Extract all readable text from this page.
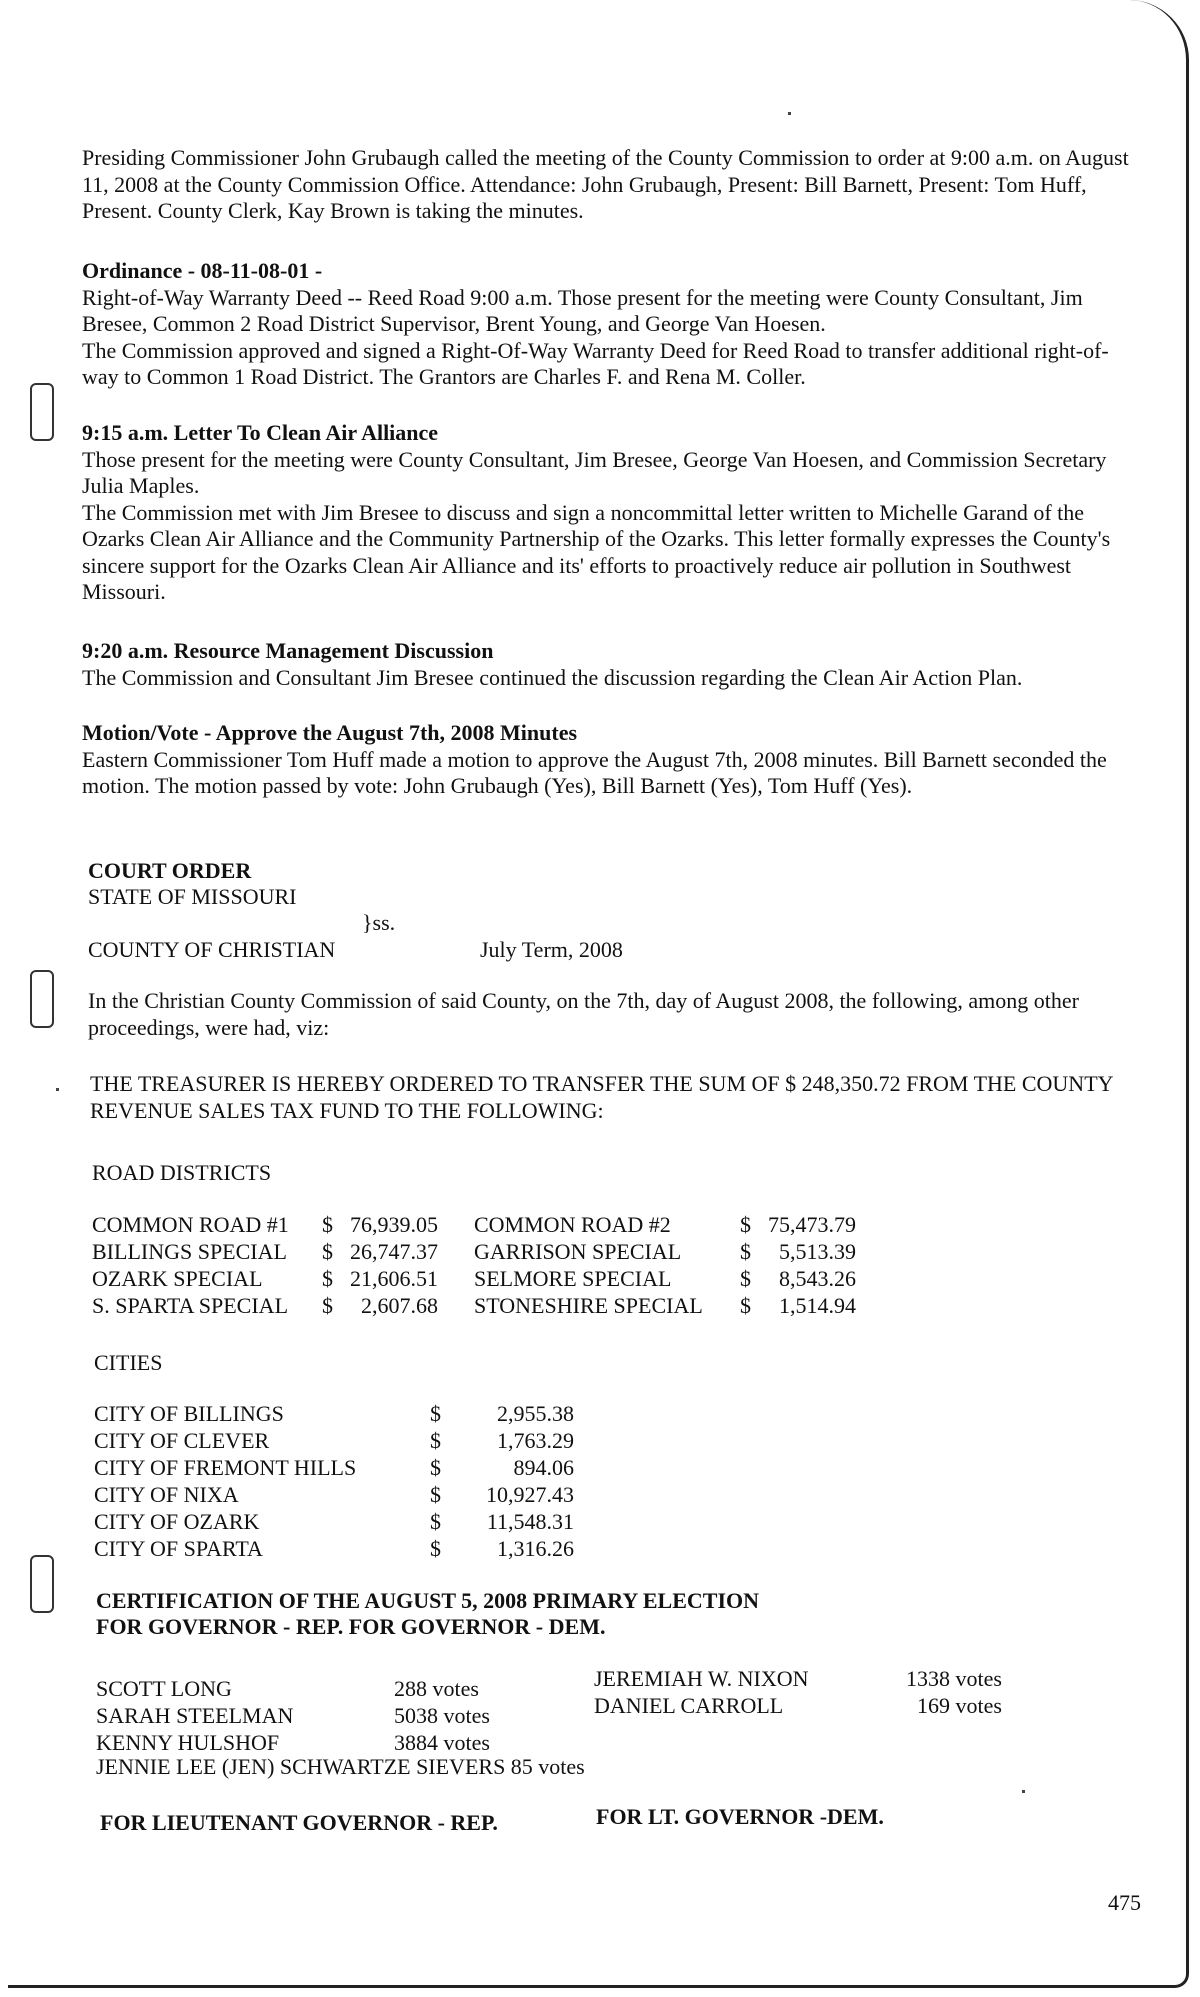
Presiding Commissioner John Grubaugh called the meeting of the County Commission to order at 9:00 a.m. on August 11, 2008 at the County Commission Office. Attendance: John Grubaugh, Present: Bill Barnett, Present: Tom Huff, Present. County Clerk, Kay Brown is taking the minutes.

Ordinance - 08-11-08-01 -

Right-of-Way Warranty Deed -- Reed Road 9:00 a.m. Those present for the meeting were County Consultant, Jim Bresee, Common 2 Road District Supervisor, Brent Young, and George Van Hoesen.

The Commission approved and signed a Right-Of-Way Warranty Deed for Reed Road to transfer additional right-of-way to Common 1 Road District. The Grantors are Charles F. and Rena M. Coller.

9:15 a.m. Letter To Clean Air Alliance

Those present for the meeting were County Consultant, Jim Bresee, George Van Hoesen, and Commission Secretary Julia Maples.

The Commission met with Jim Bresee to discuss and sign a noncommittal letter written to Michelle Garand of the Ozarks Clean Air Alliance and the Community Partnership of the Ozarks. This letter formally expresses the County's sincere support for the Ozarks Clean Air Alliance and its' efforts to proactively reduce air pollution in Southwest Missouri.

9:20 a.m. Resource Management Discussion

The Commission and Consultant Jim Bresee continued the discussion regarding the Clean Air Action Plan.

Motion/Vote - Approve the August 7th, 2008 Minutes

Eastern Commissioner Tom Huff made a motion to approve the August 7th, 2008 minutes. Bill Barnett seconded the motion. The motion passed by vote: John Grubaugh (Yes), Bill Barnett (Yes), Tom Huff (Yes).

COURT ORDER
STATE OF MISSOURI
}ss.
COUNTY OF CHRISTIAN	July Term, 2008

In the Christian County Commission of said County, on the 7th, day of August 2008, the following, among other proceedings, were had, viz:

THE TREASURER IS HEREBY ORDERED TO TRANSFER THE SUM OF $ 248,350.72 FROM THE COUNTY REVENUE SALES TAX FUND TO THE FOLLOWING:

ROAD DISTRICTS
COMMON ROAD #1	$	76,939.05		COMMON ROAD #2	$	75,473.79
BILLINGS SPECIAL	$	26,747.37		GARRISON SPECIAL	$	5,513.39
OZARK SPECIAL	$	21,606.51		SELMORE SPECIAL	$	8,543.26
S. SPARTA SPECIAL	$	2,607.68		STONESHIRE SPECIAL	$	1,514.94
CITIES
CITY OF BILLINGS	$	2,955.38
CITY OF CLEVER	$	1,763.29
CITY OF FREMONT HILLS	$	894.06
CITY OF NIXA	$	10,927.43
CITY OF OZARK	$	11,548.31
CITY OF SPARTA	$	1,316.26
CERTIFICATION OF THE AUGUST 5, 2008 PRIMARY ELECTION
FOR GOVERNOR - REP. FOR GOVERNOR - DEM.
SCOTT LONG	288 votes
SARAH STEELMAN	5038 votes
KENNY HULSHOF	3884 votes
JENNIE LEE (JEN) SCHWARTZE SIEVERS 85 votes
JEREMIAH W. NIXON	1338 votes
DANIEL CARROLL	169 votes
FOR LIEUTENANT GOVERNOR - REP.	FOR LT. GOVERNOR -DEM.
475
